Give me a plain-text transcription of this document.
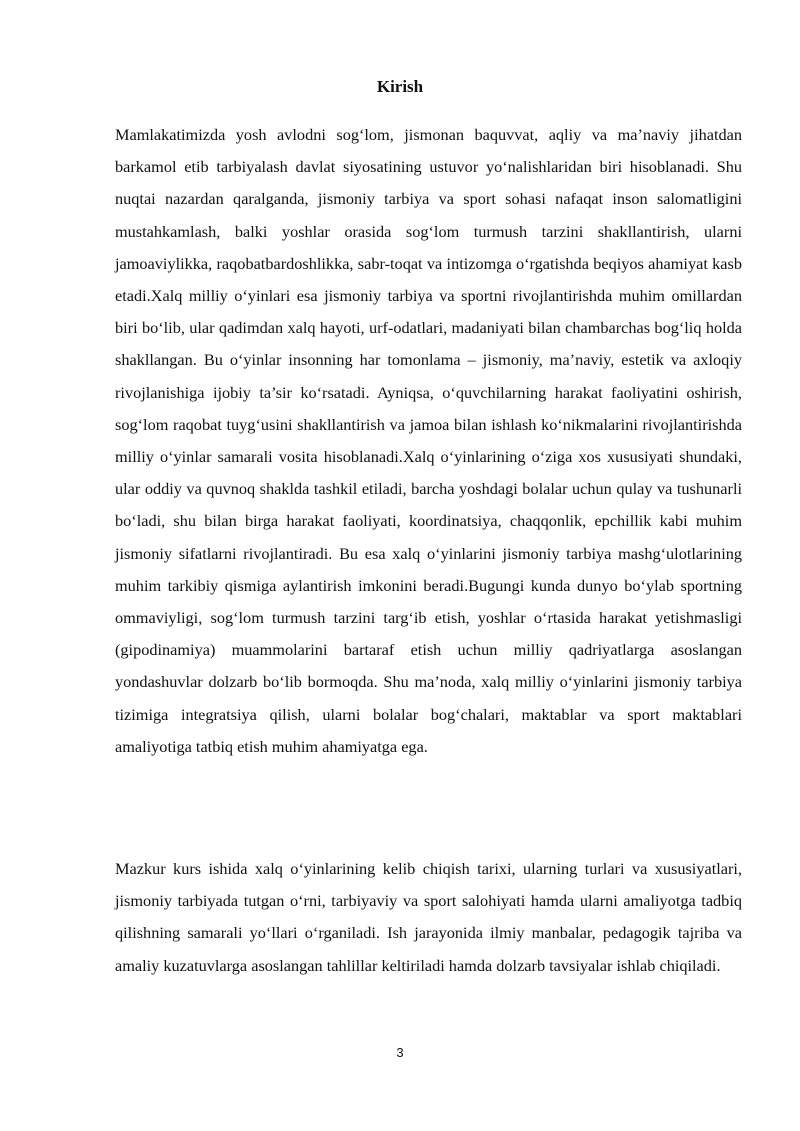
Kirish

Mamlakatimizda yosh avlodni sog‘lom, jismonan baquvvat, aqliy va ma’naviy jihatdan barkamol etib tarbiyalash davlat siyosatining ustuvor yo‘nalishlaridan biri hisoblanadi. Shu nuqtai nazardan qaralganda, jismoniy tarbiya va sport sohasi nafaqat inson salomatligini mustahkamlash, balki yoshlar orasida sog‘lom turmush tarzini shakllantirish, ularni jamoaviylikka, raqobatbardoshlikka, sabr-toqat va intizomga o‘rgatishda beqiyos ahamiyat kasb etadi.Xalq milliy o‘yinlari esa jismoniy tarbiya va sportni rivojlantirishda muhim omillardan biri bo‘lib, ular qadimdan xalq hayoti, urf-odatlari, madaniyati bilan chambarchas bog‘liq holda shakllangan. Bu o‘yinlar insonning har tomonlama – jismoniy, ma’naviy, estetik va axloqiy rivojlanishiga ijobiy ta’sir ko‘rsatadi. Ayniqsa, o‘quvchilarning harakat faoliyatini oshirish, sog‘lom raqobat tuyg‘usini shakllantirish va jamoa bilan ishlash ko‘nikmalarini rivojlantirishda milliy o‘yinlar samarali vosita hisoblanadi.Xalq o‘yinlarining o‘ziga xos xususiyati shundaki, ular oddiy va quvnoq shaklda tashkil etiladi, barcha yoshdagi bolalar uchun qulay va tushunarli bo‘ladi, shu bilan birga harakat faoliyati, koordinatsiya, chaqqonlik, epchillik kabi muhim jismoniy sifatlarni rivojlantiradi. Bu esa xalq o‘yinlarini jismoniy tarbiya mashg‘ulotlarining muhim tarkibiy qismiga aylantirish imkonini beradi.Bugungi kunda dunyo bo‘ylab sportning ommaviyligi, sog‘lom turmush tarzini targ‘ib etish, yoshlar o‘rtasida harakat yetishmasligi (gipodinamiya) muammolarini bartaraf etish uchun milliy qadriyatlarga asoslangan yondashuvlar dolzarb bo‘lib bormoqda. Shu ma’noda, xalq milliy o‘yinlarini jismoniy tarbiya tizimiga integratsiya qilish, ularni bolalar bog‘chalari, maktablar va sport maktablari amaliyotiga tatbiq etish muhim ahamiyatga ega.

Mazkur kurs ishida xalq o‘yinlarining kelib chiqish tarixi, ularning turlari va xususiyatlari, jismoniy tarbiyada tutgan o‘rni, tarbiyaviy va sport salohiyati hamda ularni amaliyotga tadbiq qilishning samarali yo‘llari o‘rganiladi. Ish jarayonida ilmiy manbalar, pedagogik tajriba va amaliy kuzatuvlarga asoslangan tahlillar keltiriladi hamda dolzarb tavsiyalar ishlab chiqiladi.

3
